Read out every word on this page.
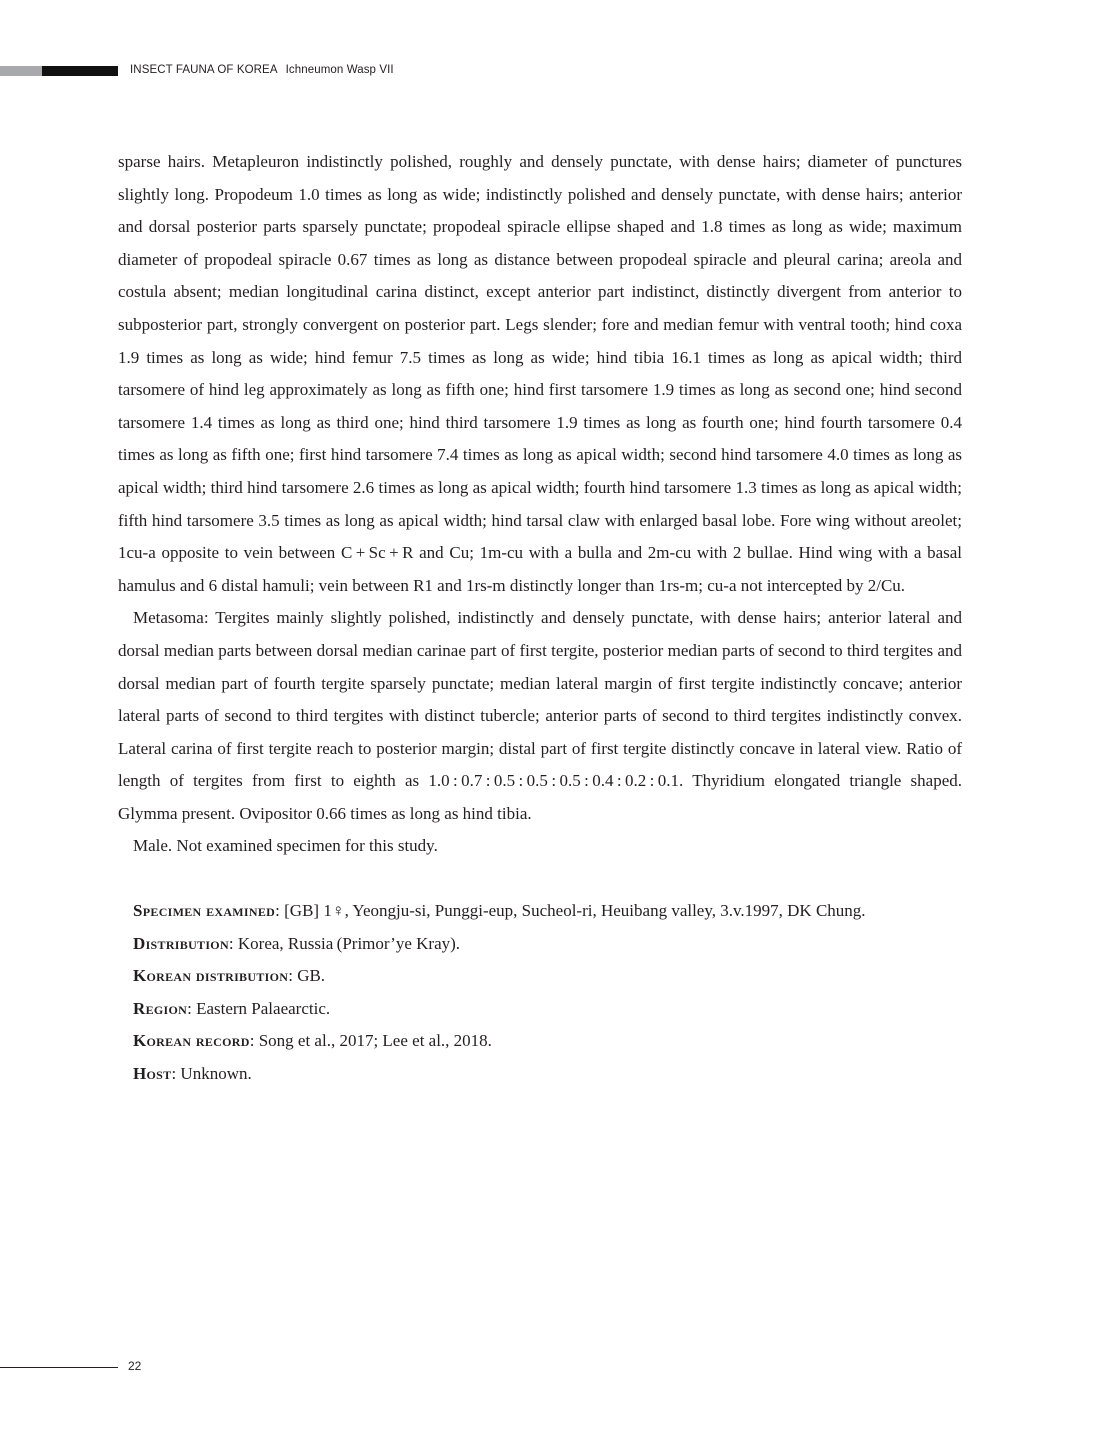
INSECT FAUNA OF KOREA Ichneumon Wasp VII

sparse hairs. Metapleuron indistinctly polished, roughly and densely punctate, with dense hairs; diameter of punctures slightly long. Propodeum 1.0 times as long as wide; indistinctly polished and densely punctate, with dense hairs; anterior and dorsal posterior parts sparsely punctate; propodeal spiracle ellipse shaped and 1.8 times as long as wide; maximum diameter of propodeal spiracle 0.67 times as long as distance between propodeal spiracle and pleural carina; areola and costula absent; median longitudinal carina distinct, except anterior part indistinct, distinctly divergent from anterior to subposterior part, strongly convergent on posterior part. Legs slender; fore and median femur with ventral tooth; hind coxa 1.9 times as long as wide; hind femur 7.5 times as long as wide; hind tibia 16.1 times as long as apical width; third tarsomere of hind leg approximately as long as fifth one; hind first tarsomere 1.9 times as long as second one; hind second tarsomere 1.4 times as long as third one; hind third tarsomere 1.9 times as long as fourth one; hind fourth tarsomere 0.4 times as long as fifth one; first hind tarsomere 7.4 times as long as apical width; second hind tarsomere 4.0 times as long as apical width; third hind tarsomere 2.6 times as long as apical width; fourth hind tarsomere 1.3 times as long as apical width; fifth hind tarsomere 3.5 times as long as apical width; hind tarsal claw with enlarged basal lobe. Fore wing without areolet; 1cu-a opposite to vein between C + Sc + R and Cu; 1m-cu with a bulla and 2m-cu with 2 bullae. Hind wing with a basal hamulus and 6 distal hamuli; vein between R1 and 1rs-m distinctly longer than 1rs-m; cu-a not intercepted by 2/Cu.

Metasoma: Tergites mainly slightly polished, indistinctly and densely punctate, with dense hairs; anterior lateral and dorsal median parts between dorsal median carinae part of first tergite, posterior median parts of second to third tergites and dorsal median part of fourth tergite sparsely punctate; median lateral margin of first tergite indistinctly concave; anterior lateral parts of second to third tergites with distinct tubercle; anterior parts of second to third tergites indistinctly convex. Lateral carina of first tergite reach to posterior margin; distal part of first tergite distinctly concave in lateral view. Ratio of length of tergites from first to eighth as 1.0 : 0.7 : 0.5 : 0.5 : 0.5 : 0.4 : 0.2 : 0.1. Thyridium elongated triangle shaped. Glymma present. Ovipositor 0.66 times as long as hind tibia.

Male. Not examined specimen for this study.

Specimen examined: [GB] 1♀, Yeongju-si, Punggi-eup, Sucheol-ri, Heuibang valley, 3.v.1997, DK Chung.

Distribution: Korea, Russia (Primor’ye Kray).

Korean distribution: GB.

Region: Eastern Palaearctic.

Korean record: Song et al., 2017; Lee et al., 2018.

Host: Unknown.

22
